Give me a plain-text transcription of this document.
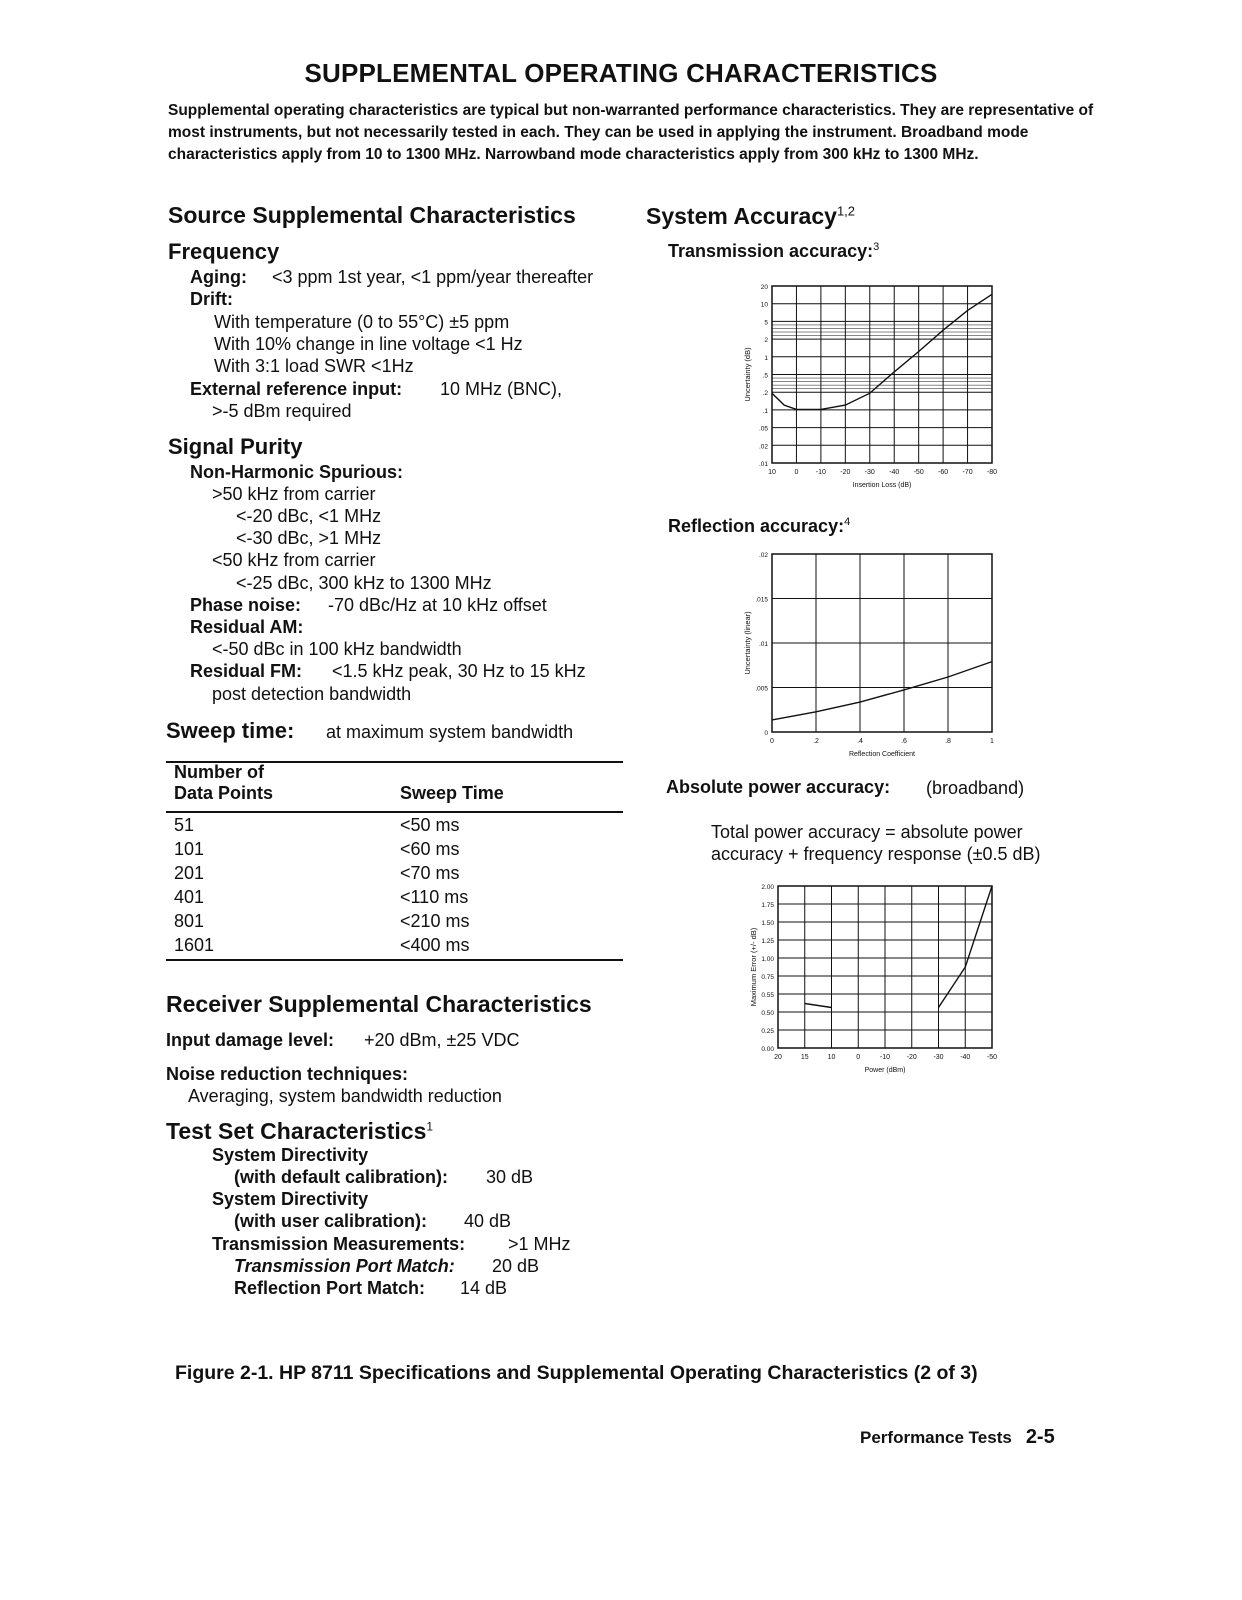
SUPPLEMENTAL OPERATING CHARACTERISTICS
Supplemental operating characteristics are typical but non-warranted performance characteristics. They are representative of most instruments, but not necessarily tested in each. They can be used in applying the instrument. Broadband mode characteristics apply from 10 to 1300 MHz. Narrowband mode characteristics apply from 300 kHz to 1300 MHz.
Source Supplemental Characteristics
Frequency
Aging: <3 ppm 1st year, <1 ppm/year thereafter
Drift:
With temperature (0 to 55°C) ±5 ppm
With 10% change in line voltage <1 Hz
With 3:1 load SWR <1Hz
External reference input: 10 MHz (BNC),
>-5 dBm required
Signal Purity
Non-Harmonic Spurious:
>50 kHz from carrier
<-20 dBc, <1 MHz
<-30 dBc, >1 MHz
<50 kHz from carrier
<-25 dBc, 300 kHz to 1300 MHz
Phase noise: -70 dBc/Hz at 10 kHz offset
Residual AM:
<-50 dBc in 100 kHz bandwidth
Residual FM: <1.5 kHz peak, 30 Hz to 15 kHz
post detection bandwidth
Sweep time: at maximum system bandwidth
Number of
Data Points	Sweep Time
51	<50 ms
101	<60 ms
201	<70 ms
401	<110 ms
801	<210 ms
1601	<400 ms
Receiver Supplemental Characteristics
Input damage level: +20 dBm, ±25 VDC
Noise reduction techniques:
Averaging, system bandwidth reduction
Test Set Characteristics$^1$
System Directivity
(with default calibration): 30 dB
System Directivity
(with user calibration): 40 dB
Transmission Measurements: >1 MHz
Transmission Port Match: 20 dB
Reflection Port Match: 14 dB
System Accuracy$^{1,2}$
Transmission accuracy:$^3$
10	0 -10 -20 -30 -40 -50 -60 -70 -80
20
10
5
2
1
.5
.2
.1
.05
.02
.01
Insertion Loss (dB)
Uncertainty (dB)
Reflection accuracy:$^4$
0	.2	.4	.6	.8	1
.02
.015
.01
.005
0
Reflection Coefficient
Uncertainty (linear)
Absolute power accuracy: (broadband)
Total power accuracy = absolute power
accuracy + frequency response (±0.5 dB)
20	15	10	0	-10 -20 -30 -40 -50
2.00
1.75
1.50
1.25
1.00
0.75
0.55
0.50
0.25
0.00
Power (dBm)
Maximum Error (+/- dB)
Figure 2-1. HP 8711 Specifications and Supplemental Operating Characteristics (2 of 3)
Performance Tests 2-5
